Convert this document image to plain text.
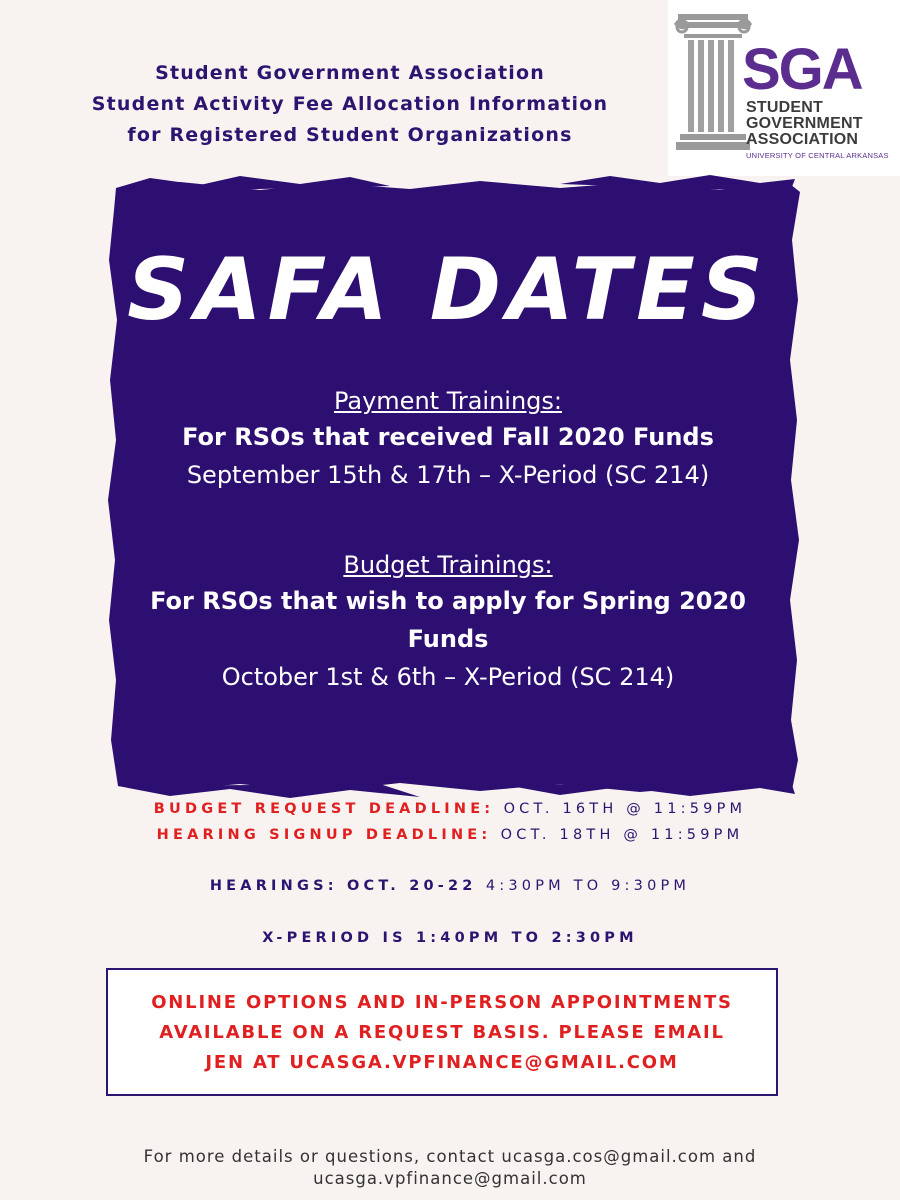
Student Government Association
Student Activity Fee Allocation Information
for Registered Student Organizations
SGA
STUDENT
GOVERNMENT
ASSOCIATION
UNIVERSITY OF CENTRAL ARKANSAS
SAFA DATES
Payment Trainings:
For RSOs that received Fall 2020 Funds
September 15th & 17th – X-Period (SC 214)
Budget Trainings:
For RSOs that wish to apply for Spring 2020
Funds
October 1st & 6th – X-Period (SC 214)
BUDGET REQUEST DEADLINE: OCT. 16TH @ 11:59PM
HEARING SIGNUP DEADLINE: OCT. 18TH @ 11:59PM
HEARINGS: OCT. 20-22 4:30PM TO 9:30PM
X-PERIOD IS 1:40PM TO 2:30PM
ONLINE OPTIONS AND IN-PERSON APPOINTMENTS
AVAILABLE ON A REQUEST BASIS. PLEASE EMAIL
JEN AT UCASGA.VPFINANCE@GMAIL.COM
For more details or questions, contact ucasga.cos@gmail.com and
ucasga.vpfinance@gmail.com
